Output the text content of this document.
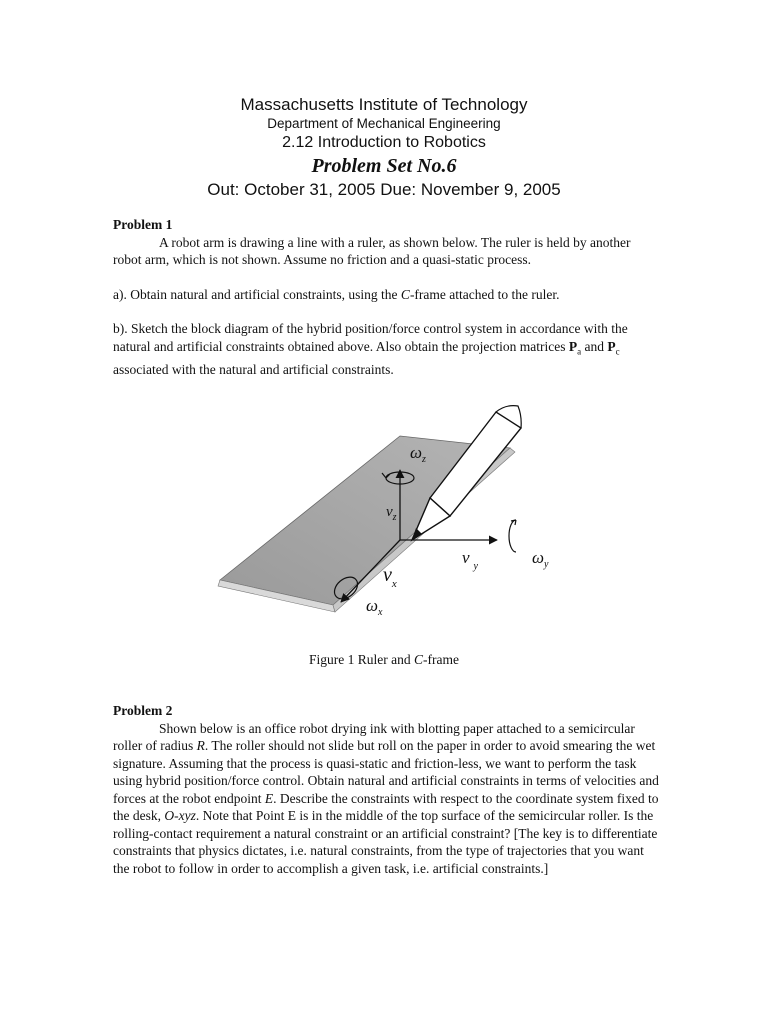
Massachusetts Institute of Technology
Department of Mechanical Engineering
2.12 Introduction to Robotics
Problem Set No.6
Out: October 31, 2005 Due: November 9, 2005

Problem 1

A robot arm is drawing a line with a ruler, as shown below. The ruler is held by another robot arm, which is not shown. Assume no friction and a quasi-static process.

a). Obtain natural and artificial constraints, using the C-frame attached to the ruler.

b). Sketch the block diagram of the hybrid position/force control system in accordance with the natural and artificial constraints obtained above. Also obtain the projection matrices $P_a$ and $P_c$ associated with the natural and artificial constraints.

$\omega_z$
$v_z$
v $_y$	$\omega_y$
$v_x$
$\omega_x$
Figure 1 Ruler and C-frame

Problem 2

Shown below is an office robot drying ink with blotting paper attached to a semicircular roller of radius R. The roller should not slide but roll on the paper in order to avoid smearing the wet signature. Assuming that the process is quasi-static and friction-less, we want to perform the task using hybrid position/force control. Obtain natural and artificial constraints in terms of velocities and forces at the robot endpoint E. Describe the constraints with respect to the coordinate system fixed to the desk, O-xyz. Note that Point E is in the middle of the top surface of the semicircular roller. Is the rolling-contact requirement a natural constraint or an artificial constraint? [The key is to differentiate constraints that physics dictates, i.e. natural constraints, from the type of trajectories that you want the robot to follow in order to accomplish a given task, i.e. artificial constraints.]
